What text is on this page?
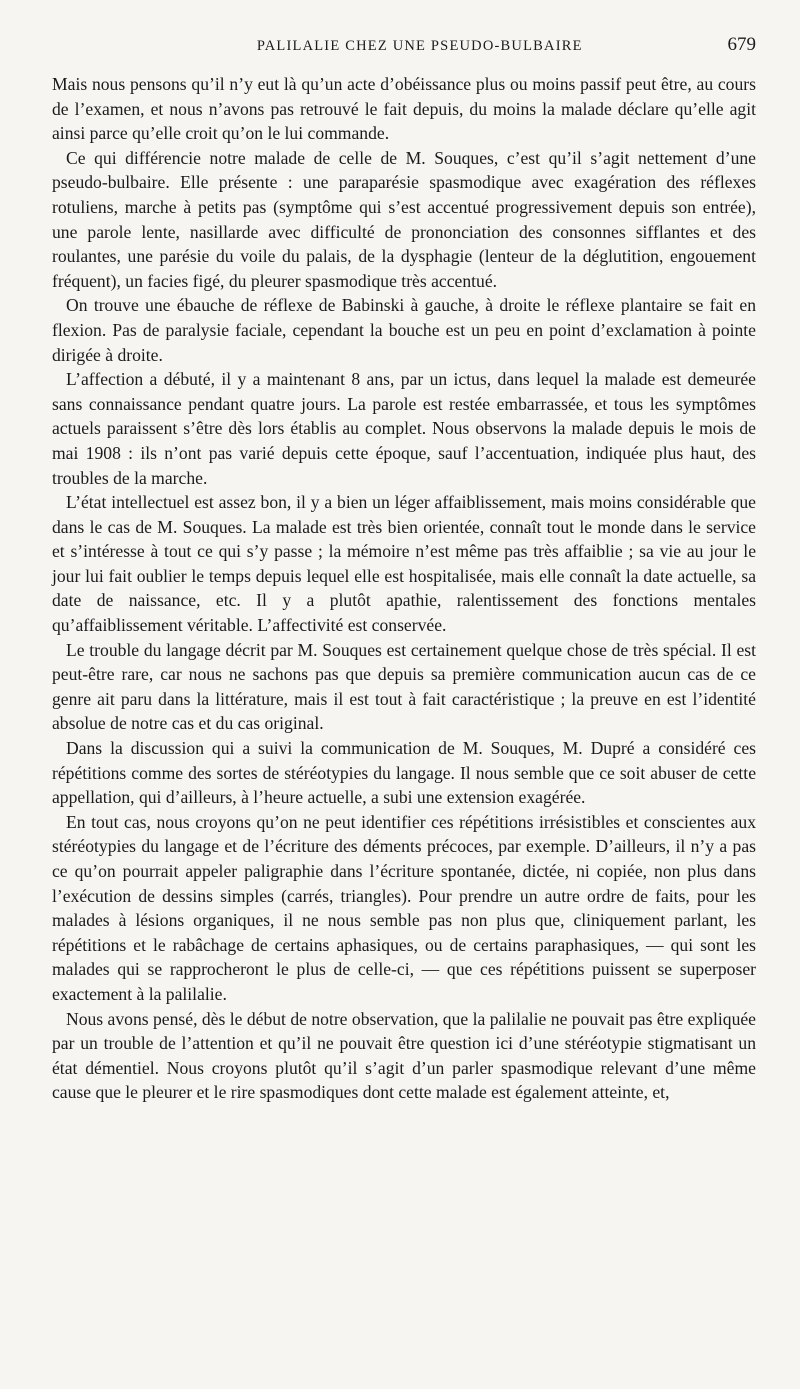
PALILALIE CHEZ UNE PSEUDO-BULBAIRE	679

Mais nous pensons qu’il n’y eut là qu’un acte d’obéissance plus ou moins passif peut être, au cours de l’examen, et nous n’avons pas retrouvé le fait depuis, du moins la malade déclare qu’elle agit ainsi parce qu’elle croit qu’on le lui commande.

Ce qui différencie notre malade de celle de M. Souques, c’est qu’il s’agit nettement d’une pseudo-bulbaire. Elle présente : une paraparésie spasmodique avec exagération des réflexes rotuliens, marche à petits pas (symptôme qui s’est accentué progressivement depuis son entrée), une parole lente, nasillarde avec difficulté de prononciation des consonnes sifflantes et des roulantes, une parésie du voile du palais, de la dysphagie (lenteur de la déglutition, engouement fréquent), un facies figé, du pleurer spasmodique très accentué.

On trouve une ébauche de réflexe de Babinski à gauche, à droite le réflexe plantaire se fait en flexion. Pas de paralysie faciale, cependant la bouche est un peu en point d’exclamation à pointe dirigée à droite.

L’affection a débuté, il y a maintenant 8 ans, par un ictus, dans lequel la malade est demeurée sans connaissance pendant quatre jours. La parole est restée embarrassée, et tous les symptômes actuels paraissent s’être dès lors établis au complet. Nous observons la malade depuis le mois de mai 1908 : ils n’ont pas varié depuis cette époque, sauf l’accentuation, indiquée plus haut, des troubles de la marche.

L’état intellectuel est assez bon, il y a bien un léger affaiblissement, mais moins considérable que dans le cas de M. Souques. La malade est très bien orientée, connaît tout le monde dans le service et s’intéresse à tout ce qui s’y passe ; la mémoire n’est même pas très affaiblie ; sa vie au jour le jour lui fait oublier le temps depuis lequel elle est hospitalisée, mais elle connaît la date actuelle, sa date de naissance, etc. Il y a plutôt apathie, ralentissement des fonctions mentales qu’affaiblissement véritable. L’affectivité est conservée.

Le trouble du langage décrit par M. Souques est certainement quelque chose de très spécial. Il est peut-être rare, car nous ne sachons pas que depuis sa première communication aucun cas de ce genre ait paru dans la littérature, mais il est tout à fait caractéristique ; la preuve en est l’identité absolue de notre cas et du cas original.

Dans la discussion qui a suivi la communication de M. Souques, M. Dupré a considéré ces répétitions comme des sortes de stéréotypies du langage. Il nous semble que ce soit abuser de cette appellation, qui d’ailleurs, à l’heure actuelle, a subi une extension exagérée.

En tout cas, nous croyons qu’on ne peut identifier ces répétitions irrésistibles et conscientes aux stéréotypies du langage et de l’écriture des déments précoces, par exemple. D’ailleurs, il n’y a pas ce qu’on pourrait appeler paligraphie dans l’écriture spontanée, dictée, ni copiée, non plus dans l’exécution de dessins simples (carrés, triangles). Pour prendre un autre ordre de faits, pour les malades à lésions organiques, il ne nous semble pas non plus que, cliniquement parlant, les répétitions et le rabâchage de certains aphasiques, ou de certains paraphasiques, — qui sont les malades qui se rapprocheront le plus de celle-ci, — que ces répétitions puissent se superposer exactement à la palilalie.

Nous avons pensé, dès le début de notre observation, que la palilalie ne pouvait pas être expliquée par un trouble de l’attention et qu’il ne pouvait être question ici d’une stéréotypie stigmatisant un état démentiel. Nous croyons plutôt qu’il s’agit d’un parler spasmodique relevant d’une même cause que le pleurer et le rire spasmodiques dont cette malade est également atteinte, et,
